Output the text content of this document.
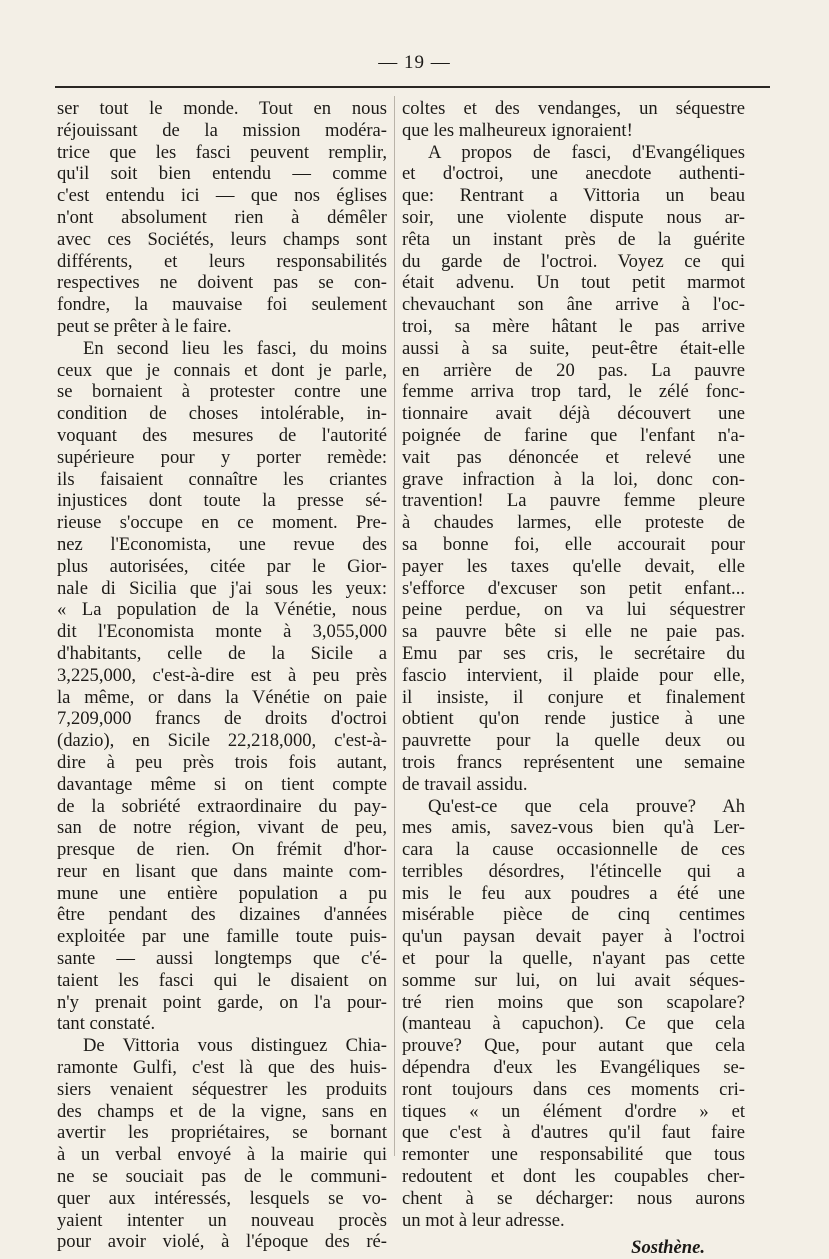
— 19 —
ser tout le monde. Tout en nous
réjouissant de la mission modéra-
trice que les fasci peuvent remplir,
qu'il soit bien entendu — comme
c'est entendu ici — que nos églises
n'ont absolument rien à démêler
avec ces Sociétés, leurs champs sont
différents, et leurs responsabilités
respectives ne doivent pas se con-
fondre, la mauvaise foi seulement
peut se prêter à le faire.
En second lieu les fasci, du moins
ceux que je connais et dont je parle,
se bornaient à protester contre une
condition de choses intolérable, in-
voquant des mesures de l'autorité
supérieure pour y porter remède:
ils faisaient connaître les criantes
injustices dont toute la presse sé-
rieuse s'occupe en ce moment. Pre-
nez l'Economista, une revue des
plus autorisées, citée par le Gior-
nale di Sicilia que j'ai sous les yeux:
« La population de la Vénétie, nous
dit l'Economista monte à 3,055,000
d'habitants, celle de la Sicile a
3,225,000, c'est-à-dire est à peu près
la même, or dans la Vénétie on paie
7,209,000 francs de droits d'octroi
(dazio), en Sicile 22,218,000, c'est-à-
dire à peu près trois fois autant,
davantage même si on tient compte
de la sobriété extraordinaire du pay-
san de notre région, vivant de peu,
presque de rien. On frémit d'hor-
reur en lisant que dans mainte com-
mune une entière population a pu
être pendant des dizaines d'années
exploitée par une famille toute puis-
sante — aussi longtemps que c'é-
taient les fasci qui le disaient on
n'y prenait point garde, on l'a pour-
tant constaté.
De Vittoria vous distinguez Chia-
ramonte Gulfi, c'est là que des huis-
siers venaient séquestrer les produits
des champs et de la vigne, sans en
avertir les propriétaires, se bornant
à un verbal envoyé à la mairie qui
ne se souciait pas de le communi-
quer aux intéressés, lesquels se vo-
yaient intenter un nouveau procès
pour avoir violé, à l'époque des ré-
coltes et des vendanges, un séquestre
que les malheureux ignoraient!
A propos de fasci, d'Evangéliques
et d'octroi, une anecdote authenti-
que: Rentrant a Vittoria un beau
soir, une violente dispute nous ar-
rêta un instant près de la guérite
du garde de l'octroi. Voyez ce qui
était advenu. Un tout petit marmot
chevauchant son âne arrive à l'oc-
troi, sa mère hâtant le pas arrive
aussi à sa suite, peut-être était-elle
en arrière de 20 pas. La pauvre
femme arriva trop tard, le zélé fonc-
tionnaire avait déjà découvert une
poignée de farine que l'enfant n'a-
vait pas dénoncée et relevé une
grave infraction à la loi, donc con-
travention! La pauvre femme pleure
à chaudes larmes, elle proteste de
sa bonne foi, elle accourait pour
payer les taxes qu'elle devait, elle
s'efforce d'excuser son petit enfant...
peine perdue, on va lui séquestrer
sa pauvre bête si elle ne paie pas.
Emu par ses cris, le secrétaire du
fascio intervient, il plaide pour elle,
il insiste, il conjure et finalement
obtient qu'on rende justice à une
pauvrette pour la quelle deux ou
trois francs représentent une semaine
de travail assidu.
Qu'est-ce que cela prouve? Ah
mes amis, savez-vous bien qu'à Ler-
cara la cause occasionnelle de ces
terribles désordres, l'étincelle qui a
mis le feu aux poudres a été une
misérable pièce de cinq centimes
qu'un paysan devait payer à l'octroi
et pour la quelle, n'ayant pas cette
somme sur lui, on lui avait séques-
tré rien moins que son scapolare?
(manteau à capuchon). Ce que cela
prouve? Que, pour autant que cela
dépendra d'eux les Evangéliques se-
ront toujours dans ces moments cri-
tiques « un élément d'ordre » et
que c'est à d'autres qu'il faut faire
remonter une responsabilité que tous
redoutent et dont les coupables cher-
chent à se décharger: nous aurons
un mot à leur adresse.
Sosthène.
